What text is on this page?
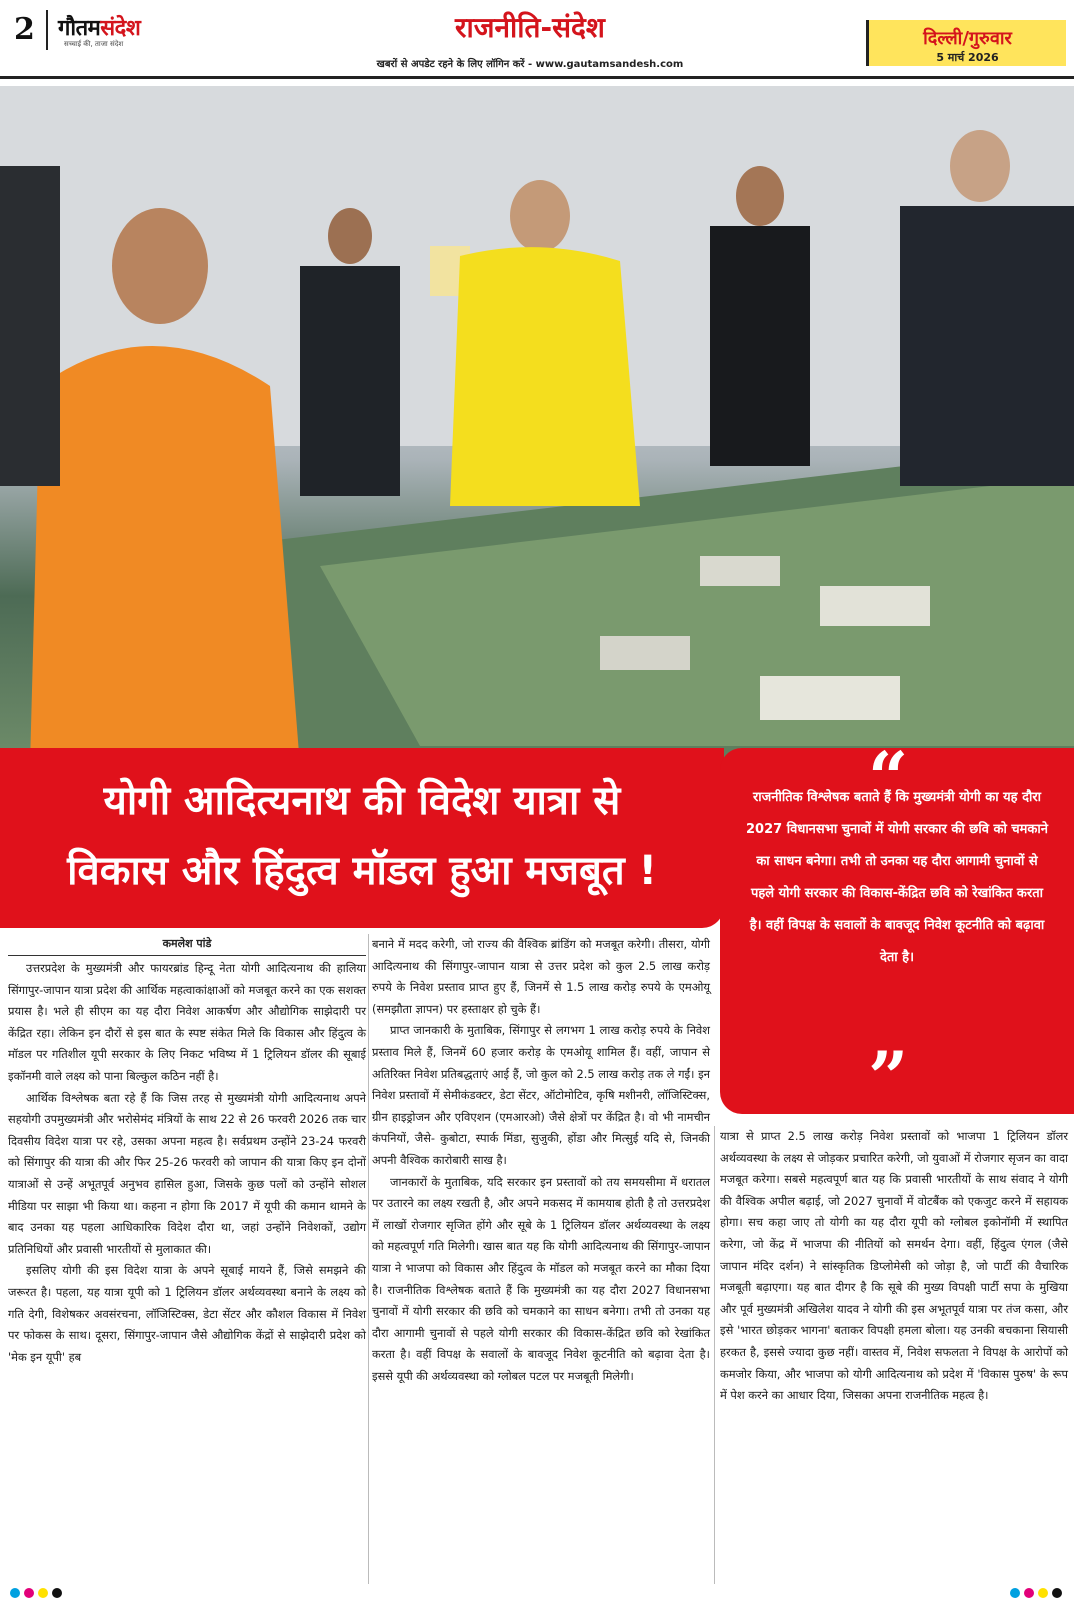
2 गौतमसंदेश
सच्चाई की, ताजा संदेश	राजनीति-संदेश
खबरों से अपडेट रहने के लिए लॉगिन करें - www.gautamsandesh.com
दिल्ली/गुरुवार
5 मार्च 2026
योगी आदित्यनाथ की विदेश यात्रा से
विकास और हिंदुत्व मॉडल हुआ मजबूत !
“
राजनीतिक विश्लेषक बताते हैं कि मुख्यमंत्री योगी का यह दौरा 2027 विधानसभा चुनावों में योगी सरकार की छवि को चमकाने का साधन बनेगा। तभी तो उनका यह दौरा आगामी चुनावों से पहले योगी सरकार की विकास-केंद्रित छवि को रेखांकित करता है। वहीं विपक्ष के सवालों के बावजूद निवेश कूटनीति को बढ़ावा देता है।
”
कमलेश पांडे

उत्तरप्रदेश के मुख्यमंत्री और फायरब्रांड हिन्दू नेता योगी आदित्यनाथ की हालिया सिंगापुर-जापान यात्रा प्रदेश की आर्थिक महत्वाकांक्षाओं को मजबूत करने का एक सशक्त प्रयास है। भले ही सीएम का यह दौरा निवेश आकर्षण और औद्योगिक साझेदारी पर केंद्रित रहा। लेकिन इन दौरों से इस बात के स्पष्ट संकेत मिले कि विकास और हिंदुत्व के मॉडल पर गतिशील यूपी सरकार के लिए निकट भविष्य में 1 ट्रिलियन डॉलर की सूबाई इकॉनमी वाले लक्ष्य को पाना बिल्कुल कठिन नहीं है।

आर्थिक विश्लेषक बता रहे हैं कि जिस तरह से मुख्यमंत्री योगी आदित्यनाथ अपने सहयोगी उपमुख्यमंत्री और भरोसेमंद मंत्रियों के साथ 22 से 26 फरवरी 2026 तक चार दिवसीय विदेश यात्रा पर रहे, उसका अपना महत्व है। सर्वप्रथम उन्होंने 23-24 फरवरी को सिंगापुर की यात्रा की और फिर 25-26 फरवरी को जापान की यात्रा किए इन दोनों यात्राओं से उन्हें अभूतपूर्व अनुभव हासिल हुआ, जिसके कुछ पलों को उन्होंने सोशल मीडिया पर साझा भी किया था। कहना न होगा कि 2017 में यूपी की कमान थामने के बाद उनका यह पहला आधिकारिक विदेश दौरा था, जहां उन्होंने निवेशकों, उद्योग प्रतिनिधियों और प्रवासी भारतीयों से मुलाकात की।

इसलिए योगी की इस विदेश यात्रा के अपने सूबाई मायने हैं, जिसे समझने की जरूरत है। पहला, यह यात्रा यूपी को 1 ट्रिलियन डॉलर अर्थव्यवस्था बनाने के लक्ष्य को गति देगी, विशेषकर अवसंरचना, लॉजिस्टिक्स, डेटा सेंटर और कौशल विकास में निवेश पर फोकस के साथ। दूसरा, सिंगापुर-जापान जैसे औद्योगिक केंद्रों से साझेदारी प्रदेश को 'मेक इन यूपी' हब

बनाने में मदद करेगी, जो राज्य की वैश्विक ब्रांडिंग को मजबूत करेगी। तीसरा, योगी आदित्यनाथ की सिंगापुर-जापान यात्रा से उत्तर प्रदेश को कुल 2.5 लाख करोड़ रुपये के निवेश प्रस्ताव प्राप्त हुए हैं, जिनमें से 1.5 लाख करोड़ रुपये के एमओयू (समझौता ज्ञापन) पर हस्ताक्षर हो चुके हैं।

प्राप्त जानकारी के मुताबिक, सिंगापुर से लगभग 1 लाख करोड़ रुपये के निवेश प्रस्ताव मिले हैं, जिनमें 60 हजार करोड़ के एमओयू शामिल हैं। वहीं, जापान से अतिरिक्त निवेश प्रतिबद्धताएं आई हैं, जो कुल को 2.5 लाख करोड़ तक ले गईं। इन निवेश प्रस्तावों में सेमीकंडक्टर, डेटा सेंटर, ऑटोमोटिव, कृषि मशीनरी, लॉजिस्टिक्स, ग्रीन हाइड्रोजन और एविएशन (एमआरओ) जैसे क्षेत्रों पर केंद्रित है। वो भी नामचीन कंपनियों, जैसे- कुबोटा, स्पार्क मिंडा, सुजुकी, होंडा और मित्सुई यदि से, जिनकी अपनी वैश्विक कारोबारी साख है।

जानकारों के मुताबिक, यदि सरकार इन प्रस्तावों को तय समयसीमा में धरातल पर उतारने का लक्ष्य रखती है, और अपने मकसद में कामयाब होती है तो उत्तरप्रदेश में लाखों रोजगार सृजित होंगे और सूबे के 1 ट्रिलियन डॉलर अर्थव्यवस्था के लक्ष्य को महत्वपूर्ण गति मिलेगी। खास बात यह कि योगी आदित्यनाथ की सिंगापुर-जापान यात्रा ने भाजपा को विकास और हिंदुत्व के मॉडल को मजबूत करने का मौका दिया है। राजनीतिक विश्लेषक बताते हैं कि मुख्यमंत्री का यह दौरा 2027 विधानसभा चुनावों में योगी सरकार की छवि को चमकाने का साधन बनेगा। तभी तो उनका यह दौरा आगामी चुनावों से पहले योगी सरकार की विकास-केंद्रित छवि को रेखांकित करता है। वहीं विपक्ष के सवालों के बावजूद निवेश कूटनीति को बढ़ावा देता है। इससे यूपी की अर्थव्यवस्था को ग्लोबल पटल पर मजबूती मिलेगी।

यात्रा से प्राप्त 2.5 लाख करोड़ निवेश प्रस्तावों को भाजपा 1 ट्रिलियन डॉलर अर्थव्यवस्था के लक्ष्य से जोड़कर प्रचारित करेगी, जो युवाओं में रोजगार सृजन का वादा मजबूत करेगा। सबसे महत्वपूर्ण बात यह कि प्रवासी भारतीयों के साथ संवाद ने योगी की वैश्विक अपील बढ़ाई, जो 2027 चुनावों में वोटबैंक को एकजुट करने में सहायक होगा। सच कहा जाए तो योगी का यह दौरा यूपी को ग्लोबल इकोनॉमी में स्थापित करेगा, जो केंद्र में भाजपा की नीतियों को समर्थन देगा। वहीं, हिंदुत्व एंगल (जैसे जापान मंदिर दर्शन) ने सांस्कृतिक डिप्लोमेसी को जोड़ा है, जो पार्टी की वैचारिक मजबूती बढ़ाएगा। यह बात दीगर है कि सूबे की मुख्य विपक्षी पार्टी सपा के मुखिया और पूर्व मुख्यमंत्री अखिलेश यादव ने योगी की इस अभूतपूर्व यात्रा पर तंज कसा, और इसे 'भारत छोड़कर भागना' बताकर विपक्षी हमला बोला। यह उनकी बचकाना सियासी हरकत है, इससे ज्यादा कुछ नहीं। वास्तव में, निवेश सफलता ने विपक्ष के आरोपों को कमजोर किया, और भाजपा को योगी आदित्यनाथ को प्रदेश में 'विकास पुरुष' के रूप में पेश करने का आधार दिया, जिसका अपना राजनीतिक महत्व है।
